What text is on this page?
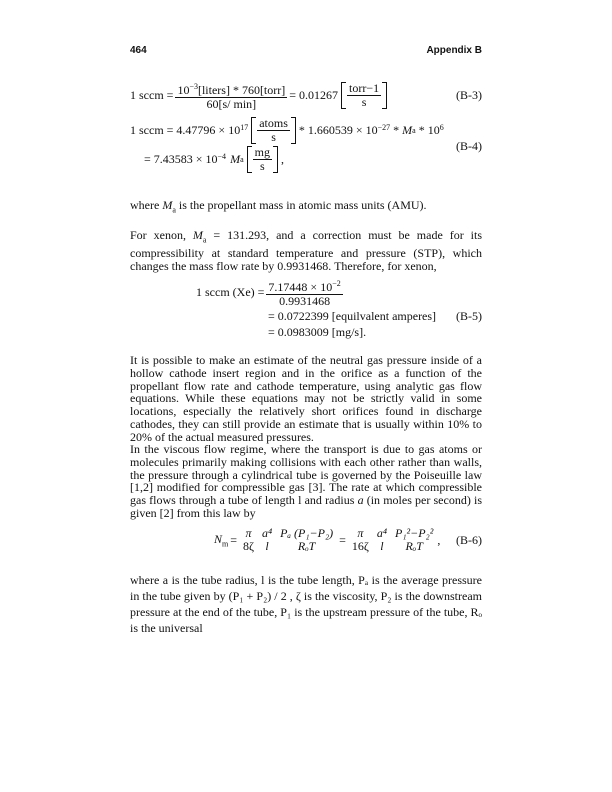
464	Appendix B
1 sccm = $\frac{10^{-3}[liters] * 760[torr]}{60[s/ \min]} = 0.01267 \frac{\text{torr−1}}{s}$	(B-3)
1 sccm = $4.47796 \times 10^{17} \frac{\text{atoms}}{s} * 1.660539 \times 10^{-27} * M$ a * $10^6$
= $7.43583 \times 10^{-4}$ M a $\frac{mg}{s}$ ,
(B-4)

where $M_a$ is the propellant mass in atomic mass units (AMU).

For xenon, $M_a = 131.293$, and a correction must be made for its compressibility at standard temperature and pressure (STP), which changes the mass flow rate by 0.9931468. Therefore, for xenon,

1 sccm $(Xe) = \frac{7.17448 \times 10^{-2}}{0.9931468}$
= 0.0722399 [equilvalent amperes]
= 0.0983009 [mg/s].
(B-5)

It is possible to make an estimate of the neutral gas pressure inside of a hollow cathode insert region and in the orifice as a function of the propellant flow rate and cathode temperature, using analytic gas flow equations. While these equations may not be strictly valid in some locations, especially the relatively short orifices found in discharge cathodes, they can still provide an estimate that is usually within 10% to 20% of the actual measured pressures.

In the viscous flow regime, where the transport is due to gas atoms or molecules primarily making collisions with each other rather than walls, the pressure through a cylindrical tube is governed by the Poiseuille law [1,2] modified for compressible gas [3]. The rate at which compressible gas flows through a tube of length l and radius a (in moles per second) is given [2] from this law by

$N_m = \pi$
8ζ
a⁴
l
Pₐ (P₁−P₂)
RₒT = π
16ζ
a⁴
l
P₁²−P₂²
RₒT , (B-6)

where a is the tube radius, l is the tube length, Pₐ is the average pressure in the tube given by (P₁ + P₂) / 2 , ζ is the viscosity, P₂ is the downstream pressure at the end of the tube, P₁ is the upstream pressure of the tube, Rₒ is the universal
